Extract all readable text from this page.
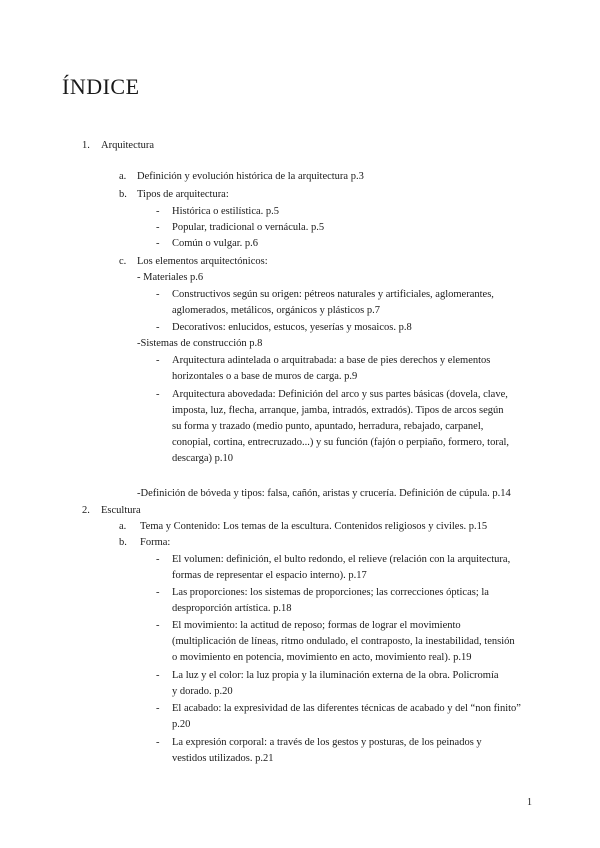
ÍNDICE
1. Arquitectura
a. Definición y evolución histórica de la arquitectura p.3
b. Tipos de arquitectura:
- Histórica o estilística. p.5
- Popular, tradicional o vernácula. p.5
- Común o vulgar. p.6
c. Los elementos arquitectónicos:
- Materiales p.6
- Constructivos según su origen: pétreos naturales y artificiales, aglomerantes, aglomerados, metálicos, orgánicos y plásticos p.7
- Decorativos: enlucidos, estucos, yeserías y mosaicos. p.8
-Sistemas de construcción p.8
- Arquitectura adintelada o arquitrabada: a base de pies derechos y elementos horizontales o a base de muros de carga. p.9
- Arquitectura abovedada: Definición del arco y sus partes básicas (dovela, clave, imposta, luz, flecha, arranque, jamba, intradós, extradós). Tipos de arcos según su forma y trazado (medio punto, apuntado, herradura, rebajado, carpanel, conopial, cortina, entrecruzado...) y su función (fajón o perpiaño, formero, toral, descarga) p.10
-Definición de bóveda y tipos: falsa, cañón, aristas y crucería. Definición de cúpula. p.14
2. Escultura
a. Tema y Contenido: Los temas de la escultura. Contenidos religiosos y civiles. p.15
b. Forma:
- El volumen: definición, el bulto redondo, el relieve (relación con la arquitectura, formas de representar el espacio interno). p.17
- Las proporciones: los sistemas de proporciones; las correcciones ópticas; la desproporción artística. p.18
- El movimiento: la actitud de reposo; formas de lograr el movimiento (multiplicación de líneas, ritmo ondulado, el contraposto, la inestabilidad, tensión o movimiento en potencia, movimiento en acto, movimiento real). p.19
- La luz y el color: la luz propia y la iluminación externa de la obra. Policromía y dorado. p.20
- El acabado: la expresividad de las diferentes técnicas de acabado y del “non finito” p.20
- La expresión corporal: a través de los gestos y posturas, de los peinados y vestidos utilizados. p.21
1
